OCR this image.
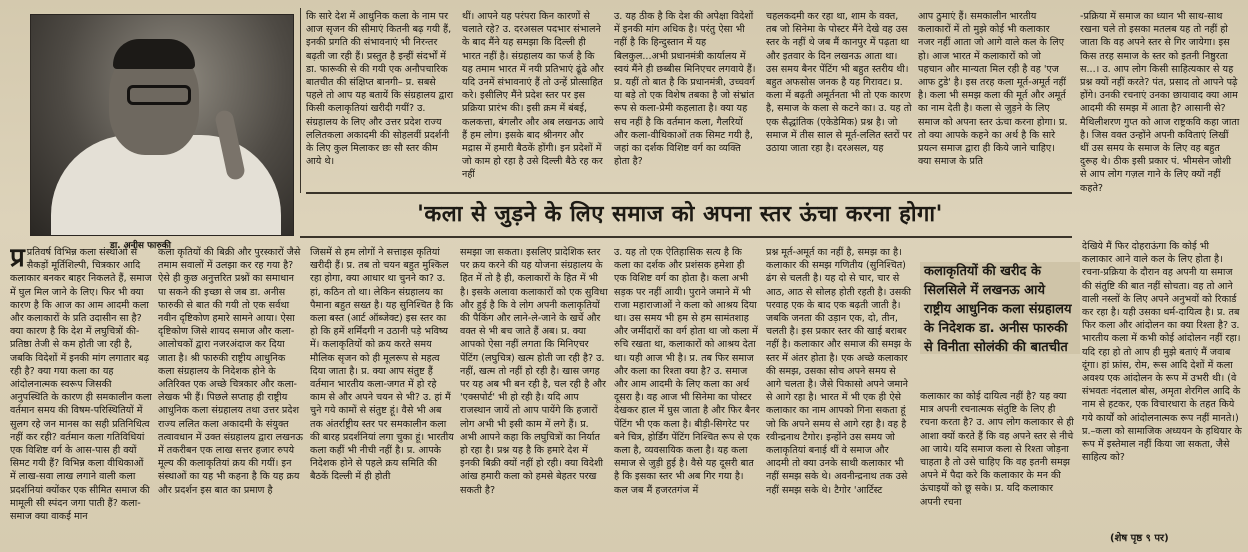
डा. अनीस फारुकी
कि सारे देश में आधुनिक कला के नाम पर आज सृजन की सीमाएं कितनी बढ़ गयी हैं, इनकी प्रगति की संभावनाएं भी निरन्तर बढ़ती जा रही हैं। प्रस्तुत है इन्हीं संदर्भों में डा. फारूकी से की गयी एक अनौपचारिक बातचीत की संक्षिप्त बानगी– प्र. सबसे पहले तो आप यह बतायें कि संग्रहालय द्वारा किसी कलाकृतियां खरीदी गयीं? उ. संग्रहालय के लिए और उत्तर प्रदेश राज्य ललितकला अकादमी की सोहलवीं प्रदर्शनी के लिए कुल मिलाकर छः सौ स्तर कीम आये थे।
थीं। आपने यह परंपरा किन कारणों से चलाते रहे? उ. दरअसल पदभार संभालने के बाद मैंने यह समझा कि दिल्ली ही भारत नहीं है। संग्रहालय का फर्ज है कि यह तमाम भारत में नयी प्रतिभाएं ढूंढे और यदि उनमें संभावनाएं हैं तो उन्हें प्रोत्साहित करे। इसीलिए मैंने प्रदेश स्तर पर इस प्रक्रिया प्रारंभ की। इसी क्रम में बंबई, कलकत्ता, बंगलौर और अब लखनऊ आये हैं हम लोग। इसके बाद श्रीनगर और मद्रास में हमारी बैठकें होंगी। इन प्रदेशों में जो काम हो रहा है उसे दिल्ली बैठे रह कर नहीं
उ. यह ठीक है कि देश की अपेक्षा विदेशों में इनकी मांग अधिक है। परंतु ऐसा भी नहीं है कि हिन्दुस्तान में यह बिलकुल...अभी प्रधानमंत्री कार्यालय में स्वयं मैंने ही छब्बीस मिनिएचर लगवाये हैं। प्र. यहीं तो बात है कि प्रधानमंत्री, उच्चवर्ग या बड़े तो एक विशेष तबका है जो संभ्रांत रूप से कला-प्रेमी कहलाता है। क्या यह सच नहीं है कि वर्तमान कला, गैलरियों और कला-वीथिकाओं तक सिमट गयी है, जहां का दर्शक विशिष्ट वर्ग का व्यक्ति होता है?
चहलकदमी कर रहा था, शाम के वक्त, तब जो सिनेमा के पोस्टर मैंने देखे वह उस स्तर के नहीं थे जब मैं कानपुर में पढ़ता था और इतवार के दिन लखनऊ आता था। उस समय बैनर पेंटिंग भी बहुत स्तरीय थी। बहुत अफसोस जनक है यह गिरावट। प्र. कला में बढ़ती अमूर्तनता भी तो एक कारण है, समाज के कला से कटने का। उ. यह तो एक सैद्धांतिक (एकेडेमिक) प्रश्न है। जो समाज में तीस साल से मूर्त-ललित स्तरों पर उठाया जाता रहा है। दरअसल, यह
आप ठुमाएं हैं। समकालीन भारतीय कलाकारों में तो मुझे कोई भी कलाकार नजर नहीं आता जो आगे वाले कल के लिए हो। आज भारत में कलाकारों को जो पहचान और मान्यता मिल रही है वह 'एज आफ टुडे' है। इस तरह कला मूर्त-अमूर्त नहीं है। कला भी समझ कला की मूर्त और अमूर्त का नाम देती है। कला से जुड़ने के लिए समाज को अपना स्तर ऊंचा करना होगा। प्र. तो क्या आपके कहने का अर्थ है कि सारे प्रयत्न समाज द्वारा ही किये जाने चाहिए। क्या समाज के प्रति
-प्रक्रिया में समाज का ध्यान भी साथ-साथ रखना चले तो इसका मतलब यह तो नहीं हो जाता कि वह अपने स्तर से गिर जायेगा। इस किस तरह समाज के स्तर को इतनी निष्ठुरता स...। उ. आप लोग किसी साहित्यकार से यह प्रश्न क्यों नहीं करते? पंत, प्रसाद तो आपने पढ़े होंगे। उनकी रचनाएं उनका छायावाद क्या आम आदमी की समझ में आता है? आसानी से? मैथिलीशरण गुप्त को आज राष्ट्रकवि कहा जाता है। जिस वक्त उन्होंने अपनी कविताएं लिखीं थीं उस समय के समाज के लिए वह बहुत दुरूह थे। ठीक इसी प्रकार पं. भीमसेन जोशी से आप लोग गज़ल गाने के लिए क्यों नहीं कहते?
'कला से जुड़ने के लिए समाज को अपना स्तर ऊंचा करना होगा'
प्र प्रतिवर्ष विभिन्न कला संस्थाओं से सैकड़ों मूर्तिशिल्पी, चित्रकार आदि कलाकार बनकर बाहर निकलते हैं, समाज में घुल मिल जाने के लिए। फिर भी क्या कारण है कि आज का आम आदमी कला और कलाकारों के प्रति उदासीन सा है? क्या कारण है कि देश में लघुचित्रों की-प्रतिष्ठा तेजी से कम होती जा रही है, जबकि विदेशों में इनकी मांग लगातार बढ़ रही है? क्या गया कला का यह आंदोलनात्मक स्वरूप जिसकी अनुपस्थिति के कारण ही समकालीन कला वर्तमान समय की विषम-परिस्थितियों में सुलग रहे जन मानस का सही प्रतिनिधित्व नहीं कर रही? वर्तमान कला गतिविधियां एक विशिष्ट वर्ग के आस-पास ही क्यों सिमट गयी हैं? विभिन्न कला वीथिकाओं में लाख-सवा लाख लगाने वाली कला प्रदर्शनियां क्योंकर एक सीमित समाज की मामूली सी स्पंदन जगा पाती हैं? कला-समाज क्या वाकई मान
कला कृतियों की बिक्री और पुरस्कारों जैसे तमाम सवालों में उलझा कर रह गया है? ऐसे ही कुछ अनुत्तरित प्रश्नों का समाधान पा सकने की इच्छा से जब डा. अनीस फारुकी से बात की गयी तो एक सर्वथा नवीन दृष्टिकोण हमारे सामने आया। ऐसा दृष्टिकोण जिसे शायद समाज और कला-आलोचकों द्वारा नजरअंदाज कर दिया जाता है। श्री फारुकी राष्ट्रीय आधुनिक कला संग्रहालय के निदेशक होने के अतिरिक्त एक अच्छे चित्रकार और कला-लेखक भी हैं। पिछले सप्ताह ही राष्ट्रीय आधुनिक कला संग्रहालय तथा उत्तर प्रदेश राज्य ललित कला अकादमी के संयुक्त तत्वावधान में उक्त संग्रहालय द्वारा लखनऊ में तकरीबन एक लाख सत्तर हजार रुपये मूल्य की कलाकृतियां क्रय की गयीं। इन संस्थाओं का यह भी कहना है कि यह क्रय और प्रदर्शन इस बात का प्रमाण है
जिसमें से हम लोगों ने सत्ताइस कृतियां खरीदी हैं। प्र. तब तो चयन बहुत मुश्किल रहा होगा, क्या आधार था चुनने का? उ. हां, कठिन तो था। लेकिन संग्रहालय का पैमाना बहुत सख्त है। यह सुनिश्चित है कि कला बस्त (आर्ट ऑब्जेक्ट) इस स्तर का हो कि हमें शर्मिंदगी न उठानी पड़े भविष्य में। कलाकृतियों को क्रय करते समय मौलिक सृजन को ही मूलरूप से महत्व दिया जाता है। प्र. क्या आप संतुष्ट हैं वर्तमान भारतीय कला-जगत में हो रहे काम से और अपने चयन से भी? उ. हां मैं चुने गये कामों से संतुष्ट हूं। वैसे भी अब तक अंतर्राष्ट्रीय स्तर पर समकालीन कला की बारह प्रदर्शनियां लगा चुका हूं। भारतीय कला कहीं भी नीची नहीं है। प्र. आपके निदेशक होने से पहले क्रय समिति की बैठकें दिल्ली में ही होती
समझा जा सकता। इसलिए प्रादेशिक स्तर पर क्रय करने की यह योजना संग्रहालय के हित में तो है ही, कलाकारों के हित में भी है। इसके अलावा कलाकारों को एक सुविधा और हुई है कि वे लोग अपनी कलाकृतियों की पैकिंग और लाने-ले-जाने के खर्चे और वक्त से भी बच जाते हैं अब। प्र. क्या आपको ऐसा नहीं लगता कि मिनिएचर पेंटिंग (लघुचित्र) खत्म होती जा रही है? उ. नहीं, खत्म तो नहीं हो रही है। खास जगह पर यह अब भी बन रही है, चल रही है और 'एक्सपोर्ट' भी हो रही है। यदि आप राजस्थान जायें तो आप पायेंगे कि हजारों लोग अभी भी इसी काम में लगे हैं। प्र. अभी आपने कहा कि लघुचित्रों का निर्यात हो रहा है। प्रश्न यह है कि हमारे देश में इनकी बिक्री क्यों नहीं हो रही। क्या विदेशी आंख हमारी कला को हमसे बेहतर परख सकती है?
उ. यह तो एक ऐतिहासिक सत्य है कि कला का दर्शक और प्रशंसक हमेशा ही एक विशिष्ट वर्ग का होता है। कला अभी सड़क पर नहीं आयी। पुराने जमाने में भी राजा महाराजाओं ने कला को आश्रय दिया था। उस समय भी हम से हम सामंतशाह और जमींदारों का वर्ग होता था जो कला में रुचि रखता था, कलाकारों को आश्रय देता था। यही आज भी है। प्र. तब फिर समाज और कला का रिश्ता क्या है? उ. समाज और आम आदमी के लिए कला का अर्थ दूसरा है। वह आज भी सिनेमा का पोस्टर देखकर हाल में घुस जाता है और फिर बैनर पेंटिंग भी एक कला है। बीड़ी-सिगरेट पर बने चित्र, होर्डिंग पेंटिंग निश्चित रूप से एक कला है, व्यवसायिक कला है। यह कला समाज से जुड़ी हुई है। वैसे यह दूसरी बात है कि इसका स्तर भी अब गिर गया है। कल जब मैं हजरतगंज में
प्रश्न मूर्त-अमूर्त का नहीं है, समझ का है। कलाकार की समझ गणितीय (सुनिश्चित) ढंग से चलती है। यह दो से चार, चार से आठ, आठ से सोलह होती रहती है। उसकी परवाह एक के बाद एक बढ़ती जाती है। जबकि जनता की उड़ान एक, दो, तीन, चलती है। इस प्रकार स्तर की खाई बराबर नहीं है। कलाकार और समाज की समझ के स्तर में अंतर होता है। एक अच्छे कलाकार की समझ, उसका सोच अपने समय से आगे चलता है। जैसे पिकासो अपने जमाने से आगे रहा है। भारत में भी एक ही ऐसे कलाकार का नाम आपको गिना सकता हूं जो कि अपने समय से आगे रहा है। वह है रवीन्द्रनाथ टैगोर। इन्होंने उस समय जो कलाकृतियां बनाई थीं वे समाज और आदमी तो क्या उनके साथी कलाकार भी नहीं समझ सके थे। अवनीन्द्रनाथ तक उसे नहीं समझ सके थे। टैगोर 'आर्टिस्ट
कलाकृतियों की खरीद के सिलसिले में लखनऊ आये राष्ट्रीय आधुनिक कला संग्रहालय के निदेशक डा. अनीस फारुकी से विनीता सोलंकी की बातचीत
कलाकार का कोई दायित्व नहीं है? यह क्या मात्र अपनी रचनात्मक संतुष्टि के लिए ही रचना करता है? उ. आप लोग कलाकार से ही आशा क्यों करते हैं कि वह अपने स्तर से नीचे आ जाये। यदि समाज कला से रिश्ता जोड़ना चाहता है तो उसे चाहिए कि वह इतनी समझ अपने में पैदा करे कि कलाकार के मन की ऊंचाइयों को छू सके। प्र. यदि कलाकार अपनी रचना
देखिये मैं फिर दोहराऊंगा कि कोई भी कलाकार आने वाले कल के लिए होता है। रचना-प्रक्रिया के दौरान वह अपनी या समाज की संतुष्टि की बात नहीं सोचता। वह तो आने वाली नस्लों के लिए अपने अनुभवों को रिकार्ड कर रहा है। यही उसका धर्म-दायित्व है। प्र. तब फिर कला और आंदोलन का क्या रिश्ता है? उ. भारतीय कला में कभी कोई आंदोलन नहीं रहा। यदि रहा हो तो आप ही मुझे बताएं मैं जवाब दूंगा। हां फ्रांस, रोम, रूस आदि देशों में कला अवश्य एक आंदोलन के रूप में उभरी थी। (वे संभवतः नंदलाल बोस, अमृता शेरगिल आदि के नाम से हटकर, एक विचारधारा के तहत किये गये कार्यों को आंदोलनात्मक रूप नहीं मानते।) प्र.–कला को सामाजिक अध्ययन के हथियार के रूप में इस्तेमाल नहीं किया जा सकता, जैसे साहित्य को?
(शेष पृष्ठ ९ पर)
